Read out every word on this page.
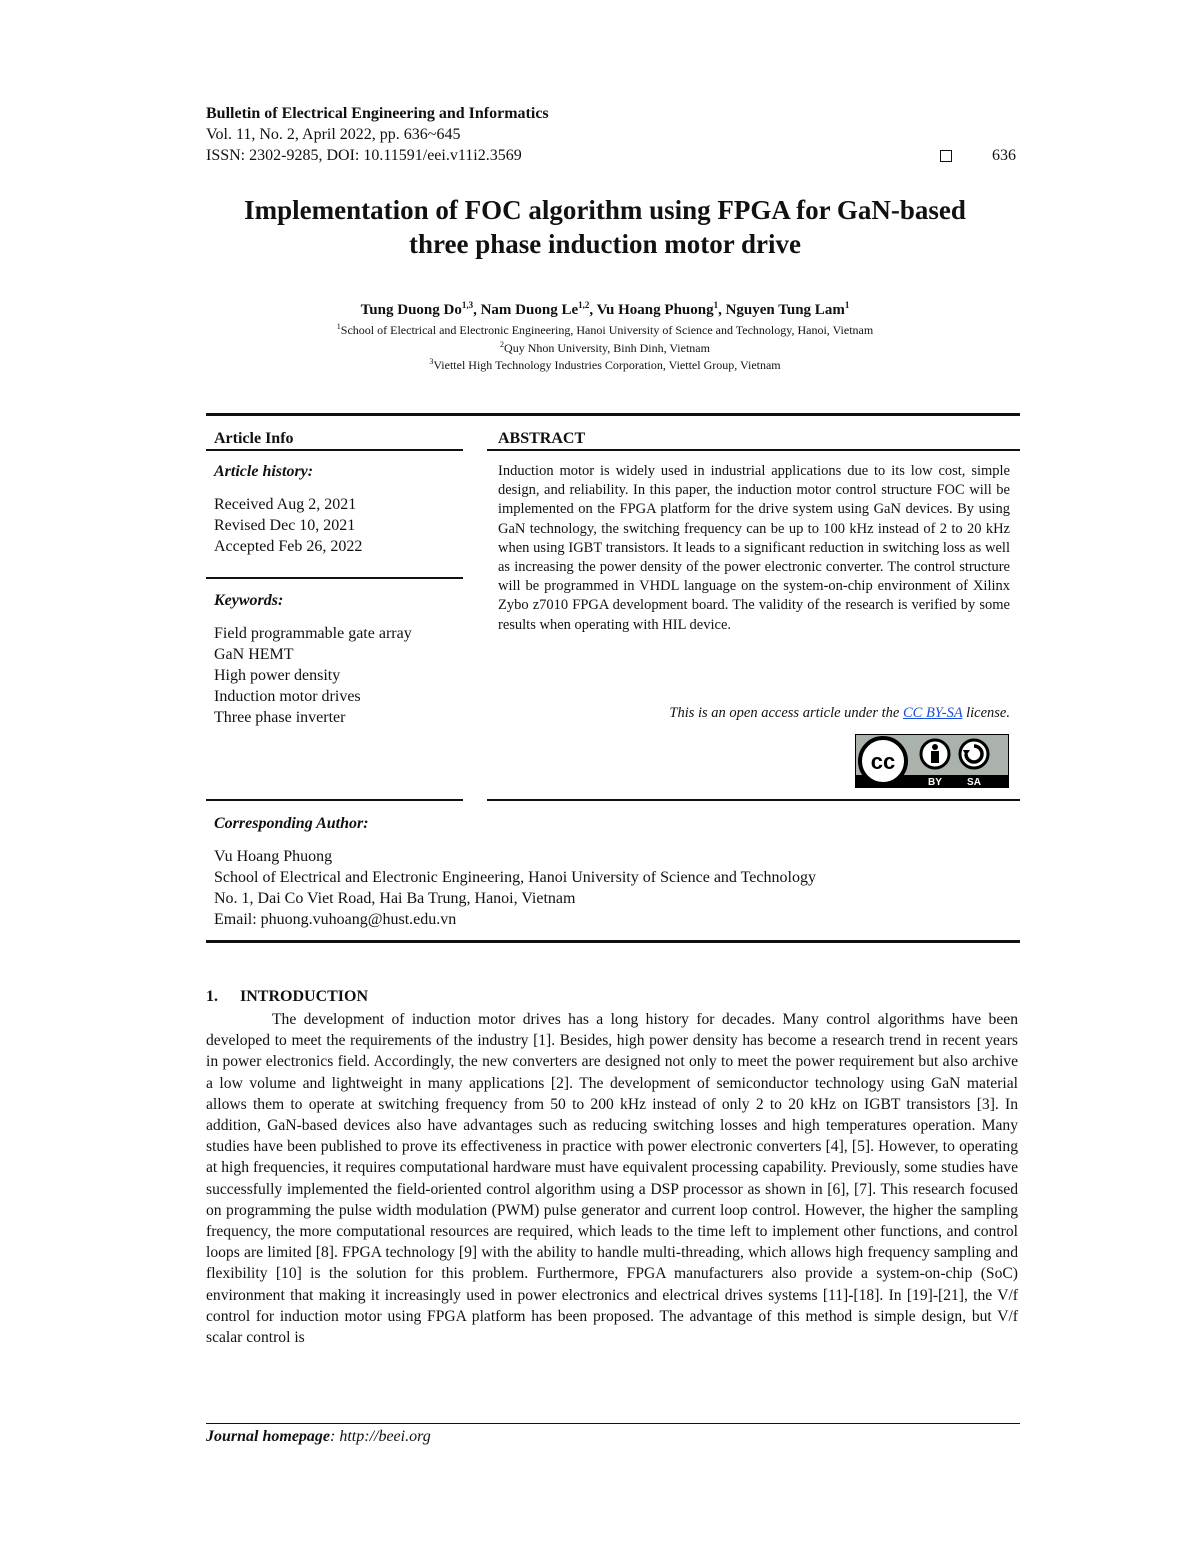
Bulletin of Electrical Engineering and Informatics
Vol. 11, No. 2, April 2022, pp. 636~645
ISSN: 2302-9285, DOI: 10.11591/eei.v11i2.3569	636
Implementation of FOC algorithm using FPGA for GaN-based
three phase induction motor drive
Tung Duong Do$^{1,3}$, Nam Duong Le$^{1,2}$, Vu Hoang Phuong$^1$, Nguyen Tung Lam$^1$
$^1$School of Electrical and Electronic Engineering, Hanoi University of Science and Technology, Hanoi, Vietnam
$^2$Quy Nhon University, Binh Dinh, Vietnam
$^3$Viettel High Technology Industries Corporation, Viettel Group, Vietnam
Article Info
Article history:
Received Aug 2, 2021
Revised Dec 10, 2021
Accepted Feb 26, 2022
Keywords:
Field programmable gate array
GaN HEMT
High power density
Induction motor drives
Three phase inverter
ABSTRACT
Induction motor is widely used in industrial applications due to its low cost, simple design, and reliability. In this paper, the induction motor control structure FOC will be implemented on the FPGA platform for the drive system using GaN devices. By using GaN technology, the switching frequency can be up to 100 kHz instead of 2 to 20 kHz when using IGBT transistors. It leads to a significant reduction in switching loss as well as increasing the power density of the power electronic converter. The control structure will be programmed in VHDL language on the system-on-chip environment of Xilinx Zybo z7010 FPGA development board. The validity of the research is verified by some results when operating with HIL device.
This is an open access article under the CC BY-SA license.
cc
BY	SA
Corresponding Author:
Vu Hoang Phuong
School of Electrical and Electronic Engineering, Hanoi University of Science and Technology
No. 1, Dai Co Viet Road, Hai Ba Trung, Hanoi, Vietnam
Email: phuong.vuhoang@hust.edu.vn
1. INTRODUCTION
The development of induction motor drives has a long history for decades. Many control algorithms have been developed to meet the requirements of the industry [1]. Besides, high power density has become a research trend in recent years in power electronics field. Accordingly, the new converters are designed not only to meet the power requirement but also archive a low volume and lightweight in many applications [2]. The development of semiconductor technology using GaN material allows them to operate at switching frequency from 50 to 200 kHz instead of only 2 to 20 kHz on IGBT transistors [3]. In addition, GaN-based devices also have advantages such as reducing switching losses and high temperatures operation. Many studies have been published to prove its effectiveness in practice with power electronic converters [4], [5]. However, to operating at high frequencies, it requires computational hardware must have equivalent processing capability. Previously, some studies have successfully implemented the field-oriented control algorithm using a DSP processor as shown in [6], [7]. This research focused on programming the pulse width modulation (PWM) pulse generator and current loop control. However, the higher the sampling frequency, the more computational resources are required, which leads to the time left to implement other functions, and control loops are limited [8]. FPGA technology [9] with the ability to handle multi-threading, which allows high frequency sampling and flexibility [10] is the solution for this problem. Furthermore, FPGA manufacturers also provide a system-on-chip (SoC) environment that making it increasingly used in power electronics and electrical drives systems [11]-[18]. In [19]-[21], the V/f control for induction motor using FPGA platform has been proposed. The advantage of this method is simple design, but V/f scalar control is
Journal homepage: http://beei.org
